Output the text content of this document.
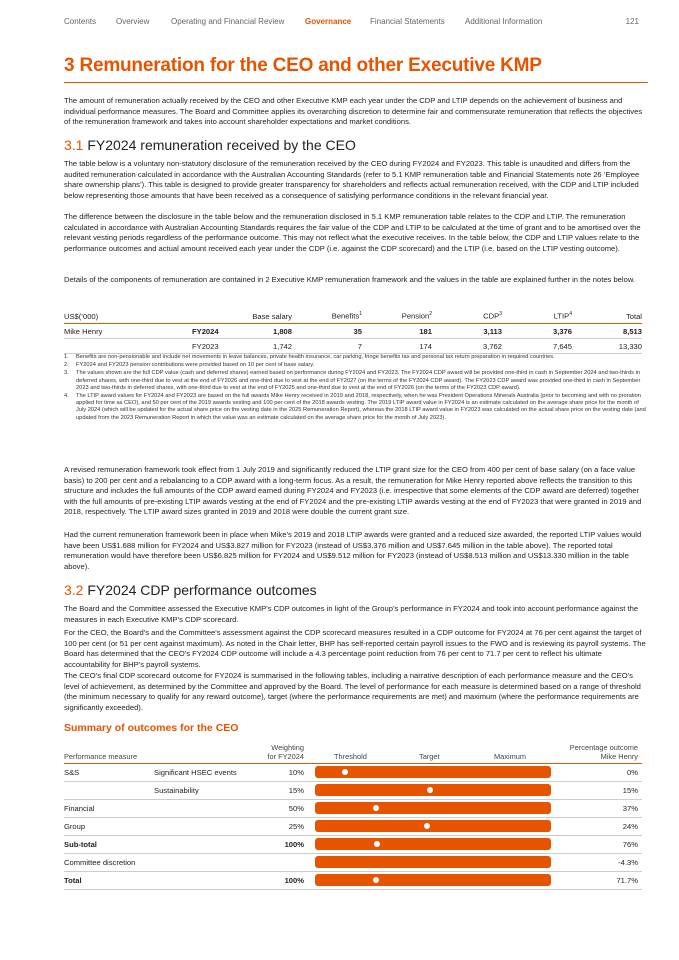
Contents Overview	Operating and Financial Review	Governance Financial Statements	Additional Information	121
3 Remuneration for the CEO and other Executive KMP

The amount of remuneration actually received by the CEO and other Executive KMP each year under the CDP and LTIP depends on the achievement of business and individual performance measures. The Board and Committee applies its overarching discretion to determine fair and commensurate remuneration that reflects the objectives of the remuneration framework and takes into account shareholder expectations and market conditions.

3.1 FY2024 remuneration received by the CEO

The table below is a voluntary non-statutory disclosure of the remuneration received by the CEO during FY2024 and FY2023. This table is unaudited and differs from the audited remuneration calculated in accordance with the Australian Accounting Standards (refer to 5.1 KMP remuneration table and Financial Statements note 26 ‘Employee share ownership plans’). This table is designed to provide greater transparency for shareholders and reflects actual remuneration received, with the CDP and LTIP included below representing those amounts that have been received as a consequence of satisfying performance conditions in the relevant financial year.

The difference between the disclosure in the table below and the remuneration disclosed in 5.1 KMP remuneration table relates to the CDP and LTIP. The remuneration calculated in accordance with Australian Accounting Standards requires the fair value of the CDP and LTIP to be calculated at the time of grant and to be amortised over the relevant vesting periods regardless of the performance outcome. This may not reflect what the executive receives. In the table below, the CDP and LTIP values relate to the performance outcomes and actual amount received each year under the CDP (i.e. against the CDP scorecard) and the LTIP (i.e. based on the LTIP vesting outcome).

Details of the components of remuneration are contained in 2 Executive KMP remuneration framework and the values in the table are explained further in the notes below.

US$(’000)		Base salary	Benefits$^1$	Pension$^2$	CDP$^3$	LTIP$^4$	Total
Mike Henry	FY2024	1,808	35	181	3,113	3,376	8,513
	FY2023	1,742	7	174	3,762	7,645	13,330
1. Benefits are non-pensionable and include net movements in leave balances, private health insurance, car parking, fringe benefits tax and personal tax return preparation in required countries.
2. FY2024 and FY2023 pension contributions were provided based on 10 per cent of base salary.
3. The values shown are the full CDP value (cash and deferred shares) earned based on performance during FY2024 and FY2023. The FY2024 CDP award will be provided one-third in cash in September 2024 and two-thirds in deferred shares, with one-third due to vest at the end of FY2026 and one-third due to vest at the end of FY2027 (on the terms of the FY2024 CDP award). The FY2023 CDP award was provided one-third in cash in September 2023 and two-thirds in deferred shares, with one-third due to vest at the end of FY2025 and one-third due to vest at the end of FY2026 (on the terms of the FY2023 CDP award).
4. The LTIP award values for FY2024 and FY2023 are based on the full awards Mike Henry received in 2019 and 2018, respectively, when he was President Operations Minerals Australia (prior to becoming and with no proration applied for time as CEO), and 50 per cent of the 2019 awards vesting and 100 per cent of the 2018 awards vesting. The 2019 LTIP award value in FY2024 is an estimate calculated on the average share price for the month of July 2024 (which will be updated for the actual share price on the vesting date in the 2025 Remuneration Report), whereas the 2018 LTIP award value in FY2023 was calculated on the actual share price on the vesting date (and updated from the 2023 Remuneration Report in which the value was an estimate calculated on the average share price for the month of July 2023).

A revised remuneration framework took effect from 1 July 2019 and significantly reduced the LTIP grant size for the CEO from 400 per cent of base salary (on a face value basis) to 200 per cent and a rebalancing to a CDP award with a long-term focus. As a result, the remuneration for Mike Henry reported above reflects the transition to this structure and includes the full amounts of the CDP award earned during FY2024 and FY2023 (i.e. irrespective that some elements of the CDP award are deferred) together with the full amounts of pre-existing LTIP awards vesting at the end of FY2024 and the pre-existing LTIP awards vesting at the end of FY2023 that were granted in 2019 and 2018, respectively. The LTIP award sizes granted in 2019 and 2018 were double the current grant size.

Had the current remuneration framework been in place when Mike’s 2019 and 2018 LTIP awards were granted and a reduced size awarded, the reported LTIP values would have been US$1.688 million for FY2024 and US$3.827 million for FY2023 (instead of US$3.376 million and US$7.645 million in the table above). The reported total remuneration would have therefore been US$6.825 million for FY2024 and US$9.512 million for FY2023 (instead of US$8.513 million and US$13.330 million in the table above).

3.2 FY2024 CDP performance outcomes

The Board and the Committee assessed the Executive KMP’s CDP outcomes in light of the Group’s performance in FY2024 and took into account performance against the measures in each Executive KMP’s CDP scorecard.

For the CEO, the Board's and the Committee's assessment against the CDP scorecard measures resulted in a CDP outcome for FY2024 at 76 per cent against the target of 100 per cent (or 51 per cent against maximum). As noted in the Chair letter, BHP has self-reported certain payroll issues to the FWO and is reviewing its payroll systems. The Board has determined that the CEO’s FY2024 CDP outcome will include a 4.3 percentage point reduction from 76 per cent to 71.7 per cent to reflect his ultimate accountability for BHP’s payroll systems.

The CEO’s final CDP scorecard outcome for FY2024 is summarised in the following tables, including a narrative description of each performance measure and the CEO’s level of achievement, as determined by the Committee and approved by the Board. The level of performance for each measure is determined based on a range of threshold (the minimum necessary to qualify for any reward outcome), target (where the performance requirements are met) and maximum (where the performance requirements are significantly exceeded).

Summary of outcomes for the CEO
Performance measure
Weighting
for FY2024	Threshold	Target	Maximum
Percentage outcome
Mike Henry
S&S	Significant HSEC events	10%	0%
Sustainability	15%	15%
Financial	50%	37%
Group	25%	24%
Sub-total	100%	76%
Committee discretion	-4.3%
Total	100%	71.7%
